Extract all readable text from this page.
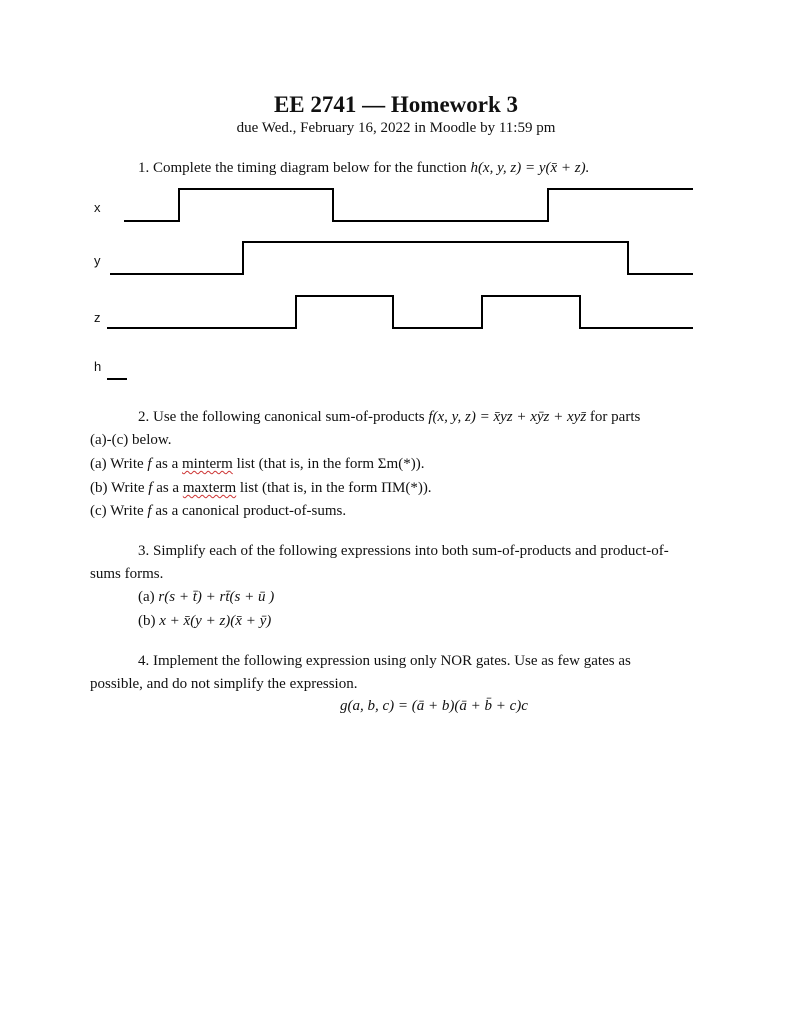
EE 2741 — Homework 3
due Wed., February 16, 2022 in Moodle by 11:59 pm
1. Complete the timing diagram below for the function h(x, y, z) = y(x̄ + z).
x
y
z
h
2. Use the following canonical sum-of-products f(x, y, z) = x̄yz + xȳz + xyz̄ for parts
(a)-(c) below.
(a) Write f as a minterm list (that is, in the form Σm(*)).
(b) Write f as a maxterm list (that is, in the form ΠM(*)).
(c) Write f as a canonical product-of-sums.
3. Simplify each of the following expressions into both sum-of-products and product-of-
sums forms.
(a) r(s + t̄) + rt̄(s + ū )
(b) x + x̄(y + z)(x̄ + ȳ)
4. Implement the following expression using only NOR gates. Use as few gates as
possible, and do not simplify the expression.
g(a, b, c) = (ā + b)(ā + b̄ + c)c
